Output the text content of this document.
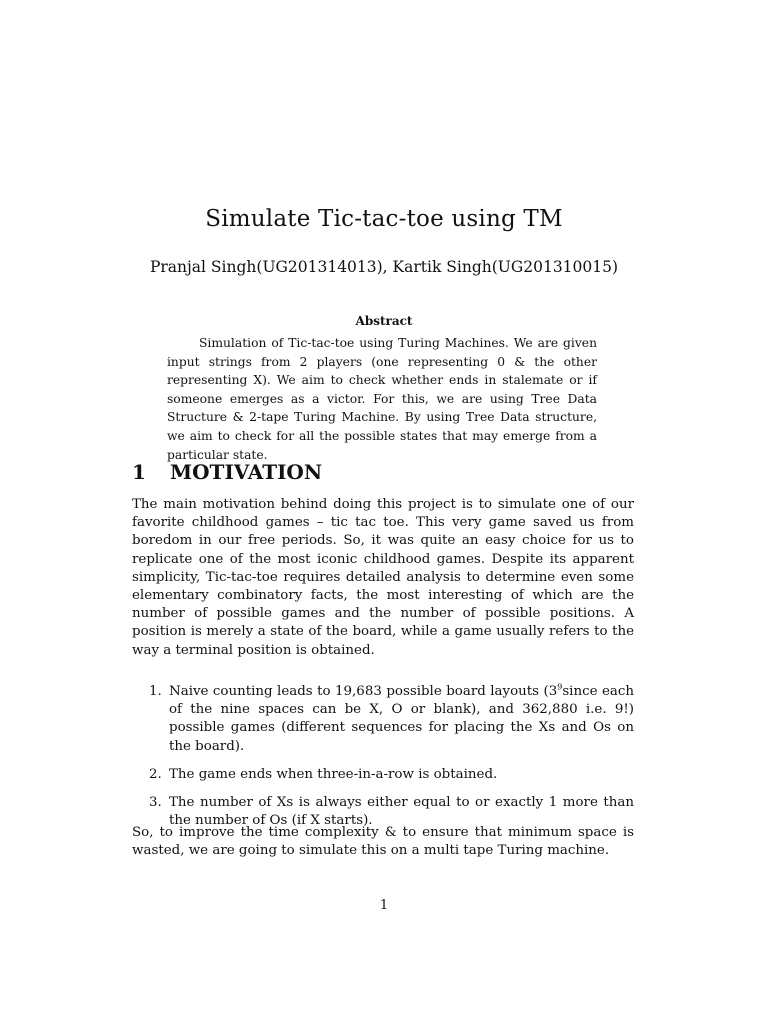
Simulate Tic-tac-toe using TM
Pranjal Singh(UG201314013), Kartik Singh(UG201310015)
Abstract
Simulation of Tic-tac-toe using Turing Machines. We are given input strings from 2 players (one representing 0 & the other representing X). We aim to check whether ends in stalemate or if someone emerges as a victor. For this, we are using Tree Data Structure & 2-tape Turing Machine. By using Tree Data structure, we aim to check for all the possible states that may emerge from a particular state.
1 MOTIVATION

The main motivation behind doing this project is to simulate one of our favorite childhood games – tic tac toe. This very game saved us from boredom in our free periods. So, it was quite an easy choice for us to replicate one of the most iconic childhood games. Despite its apparent simplicity, Tic-tac-toe requires detailed analysis to determine even some elementary combinatory facts, the most interesting of which are the number of possible games and the number of possible positions. A position is merely a state of the board, while a game usually refers to the way a terminal position is obtained.

1. Naive counting leads to 19,683 possible board layouts ($3^9since$ each of the nine spaces can be X, O or blank), and 362,880 i.e. 9!) possible games (different sequences for placing the Xs and Os on the board).
2. The game ends when three-in-a-row is obtained.
3. The number of Xs is always either equal to or exactly 1 more than the number of Os (if X starts).

So, to improve the time complexity & to ensure that minimum space is wasted, we are going to simulate this on a multi tape Turing machine.

1
